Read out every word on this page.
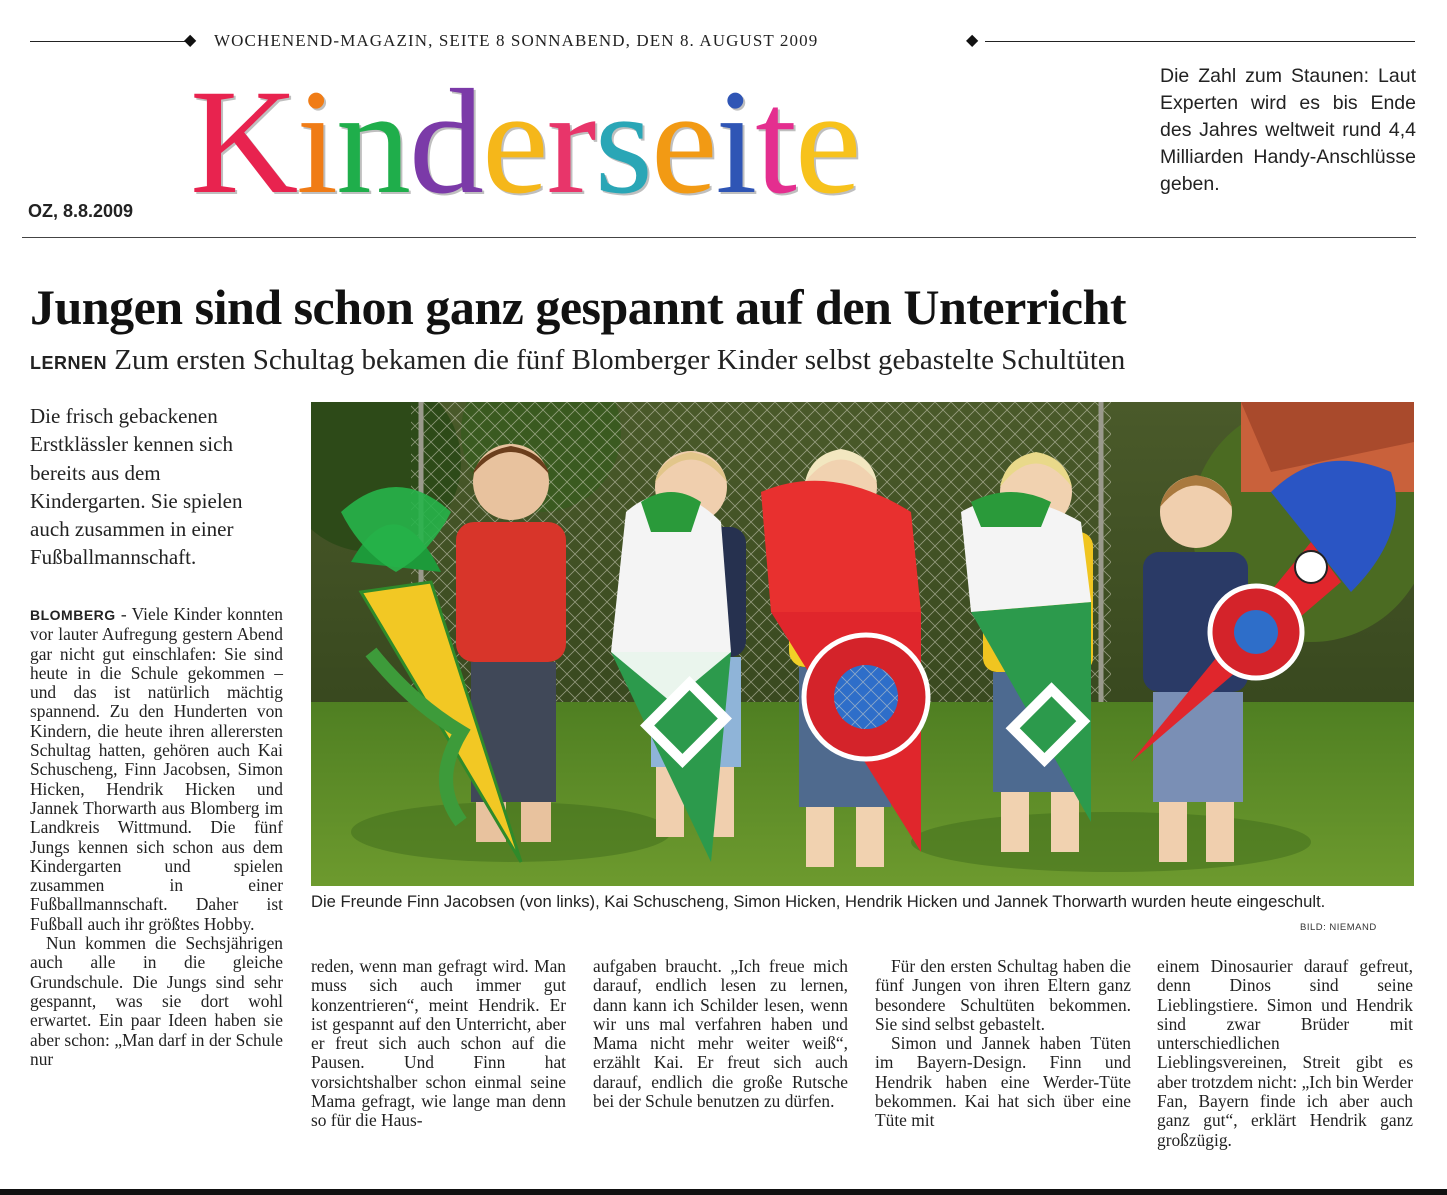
◆ WOCHENEND-MAGAZIN, SEITE 8 SONNABEND, DEN 8. AUGUST 2009	◆
Kinderseite
OZ, 8.8.2009
Die Zahl zum Staunen: Laut Experten wird es bis Ende des Jahres weltweit rund 4,4 Milliarden Handy-Anschlüsse geben.
Jungen sind schon ganz gespannt auf den Unterricht
LERNEN Zum ersten Schultag bekamen die fünf Blomberger Kinder selbst gebastelte Schultüten
Die frisch gebackenen Erstklässler kennen sich bereits aus dem Kindergarten. Sie spielen auch zusammen in einer Fußballmannschaft.
Die Freunde Finn Jacobsen (von links), Kai Schuscheng, Simon Hicken, Hendrik Hicken und Jannek Thorwarth wurden heute eingeschult.
BILD: NIEMAND

BLOMBERG - Viele Kinder konnten vor lauter Aufregung gestern Abend gar nicht gut einschlafen: Sie sind heute in die Schule gekommen – und das ist natürlich mächtig spannend. Zu den Hunderten von Kindern, die heute ihren allerersten Schultag hatten, gehören auch Kai Schuscheng, Finn Jacobsen, Simon Hicken, Hendrik Hicken und Jannek Thorwarth aus Blomberg im Landkreis Wittmund. Die fünf Jungs kennen sich schon aus dem Kindergarten und spielen zusammen in einer Fußballmannschaft. Daher ist Fußball auch ihr größtes Hobby.

Nun kommen die Sechsjährigen auch alle in die gleiche Grundschule. Die Jungs sind sehr gespannt, was sie dort wohl erwartet. Ein paar Ideen haben sie aber schon: „Man darf in der Schule nur

reden, wenn man gefragt wird. Man muss sich auch immer gut konzentrieren“, meint Hendrik. Er ist gespannt auf den Unterricht, aber er freut sich auch schon auf die Pausen. Und Finn hat vorsichtshalber schon einmal seine Mama gefragt, wie lange man denn so für die Haus-

aufgaben braucht. „Ich freue mich darauf, endlich lesen zu lernen, dann kann ich Schilder lesen, wenn wir uns mal verfahren haben und Mama nicht mehr weiter weiß“, erzählt Kai. Er freut sich auch darauf, endlich die große Rutsche bei der Schule benutzen zu dürfen.

Für den ersten Schultag haben die fünf Jungen von ihren Eltern ganz besondere Schultüten bekommen. Sie sind selbst gebastelt.

Simon und Jannek haben Tüten im Bayern-Design. Finn und Hendrik haben eine Werder-Tüte bekommen. Kai hat sich über eine Tüte mit

einem Dinosaurier darauf gefreut, denn Dinos sind seine Lieblingstiere. Simon und Hendrik sind zwar Brüder mit unterschiedlichen Lieblingsvereinen, Streit gibt es aber trotzdem nicht: „Ich bin Werder Fan, Bayern finde ich aber auch ganz gut“, erklärt Hendrik ganz großzügig.
